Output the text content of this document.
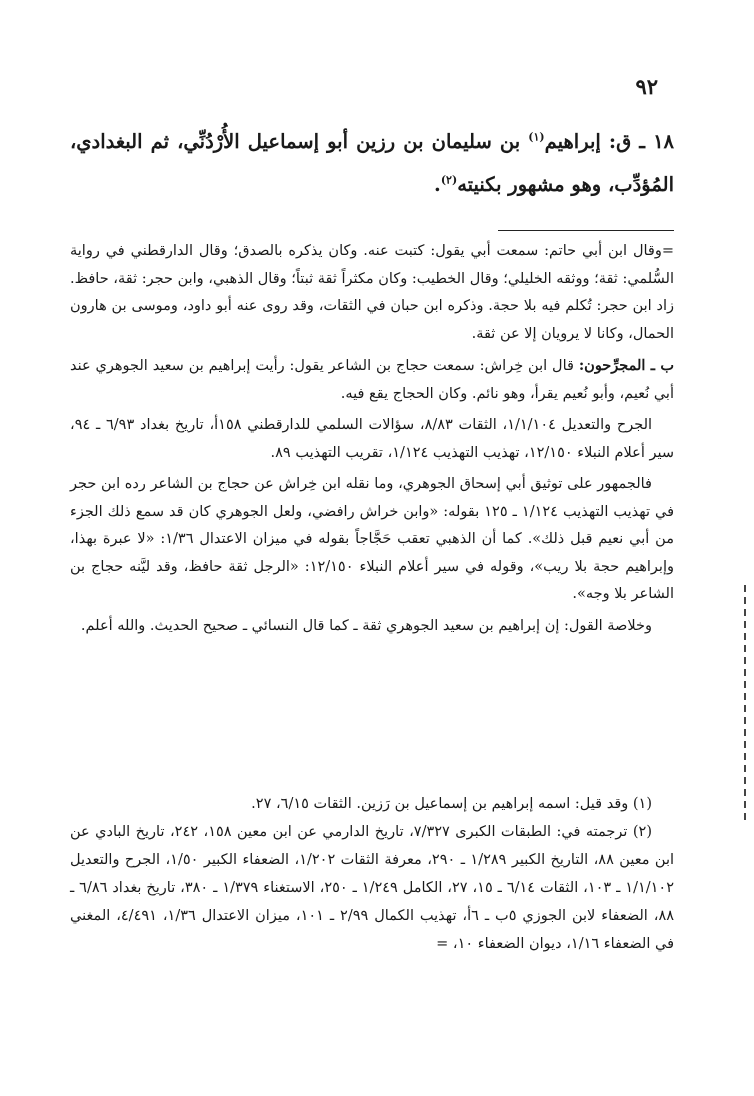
٩٢
١٨ ـ ق: إبراهيم$^{(١)}$ بن سليمان بن رزين أبو إسماعيل الأُرْدُنِّي، ثم البغدادي، المُؤدِّب، وهو مشهور بكنيته$^{(٢)}$.

=وقال ابن أبي حاتم: سمعت أبي يقول: كتبت عنه. وكان يذكره بالصدق؛ وقال الدارقطني في رواية السُّلمي: ثقة؛ ووثقه الخليلي؛ وقال الخطيب: وكان مكثراً ثقة ثبتاً؛ وقال الذهبي، وابن حجر: ثقة، حافظ. زاد ابن حجر: تُكلم فيه بلا حجة. وذكره ابن حبان في الثقات، وقد روى عنه أبو داود، وموسى بن هارون الحمال، وكانا لا يرويان إلا عن ثقة.

ب ـ المجرِّحون: قال ابن خِراش: سمعت حجاج بن الشاعر يقول: رأيت إبراهيم بن سعيد الجوهري عند أبي نُعيم، وأبو نُعيم يقرأ، وهو نائم. وكان الحجاج يقع فيه.

الجرح والتعديل ١/١/١٠٤، الثقات ٨/٨٣، سؤالات السلمي للدارقطني ١٥٨أ، تاريخ بغداد ٦/٩٣ ـ ٩٤، سير أعلام النبلاء ١٢/١٥٠، تهذيب التهذيب ١/١٢٤، تقريب التهذيب ٨٩.

فالجمهور على توثيق أبي إسحاق الجوهري، وما نقله ابن خِراش عن حجاج بن الشاعر رده ابن حجر في تهذيب التهذيب ١/١٢٤ ـ ١٢٥ بقوله: «وابن خراش رافضي، ولعل الجوهري كان قد سمع ذلك الجزء من أبي نعيم قبل ذلك». كما أن الذهبي تعقب حَجَّاجاً بقوله في ميزان الاعتدال ١/٣٦: «لا عبرة بهذا، وإبراهيم حجة بلا ريب»، وقوله في سير أعلام النبلاء ١٢/١٥٠: «الرجل ثقة حافظ، وقد ليَّنه حجاج بن الشاعر بلا وجه».

وخلاصة القول: إن إبراهيم بن سعيد الجوهري ثقة ـ كما قال النسائي ـ صحيح الحديث. والله أعلم.

(١) وقد قيل: اسمه إبراهيم بن إسماعيل بن رَزين. الثقات ٦/١٥، ٢٧.

(٢) ترجمته في: الطبقات الكبرى ٧/٣٢٧، تاريخ الدارمي عن ابن معين ١٥٨، ٢٤٢، تاريخ البادي عن ابن معين ٨٨، التاريخ الكبير ١/٢٨٩ ـ ٢٩٠، معرفة الثقات ١/٢٠٢، الضعفاء الكبير ١/٥٠، الجرح والتعديل ١/١/١٠٢ ـ ١٠٣، الثقات ٦/١٤ ـ ١٥، ٢٧، الكامل ١/٢٤٩ ـ ٢٥٠، الاستغناء ١/٣٧٩ ـ ٣٨٠، تاريخ بغداد ٦/٨٦ ـ ٨٨، الضعفاء لابن الجوزي ٥ب ـ ٦أ، تهذيب الكمال ٢/٩٩ ـ ١٠١، ميزان الاعتدال ١/٣٦، ٤/٤٩١، المغني في الضعفاء ١/١٦، ديوان الضعفاء ١٠، =
